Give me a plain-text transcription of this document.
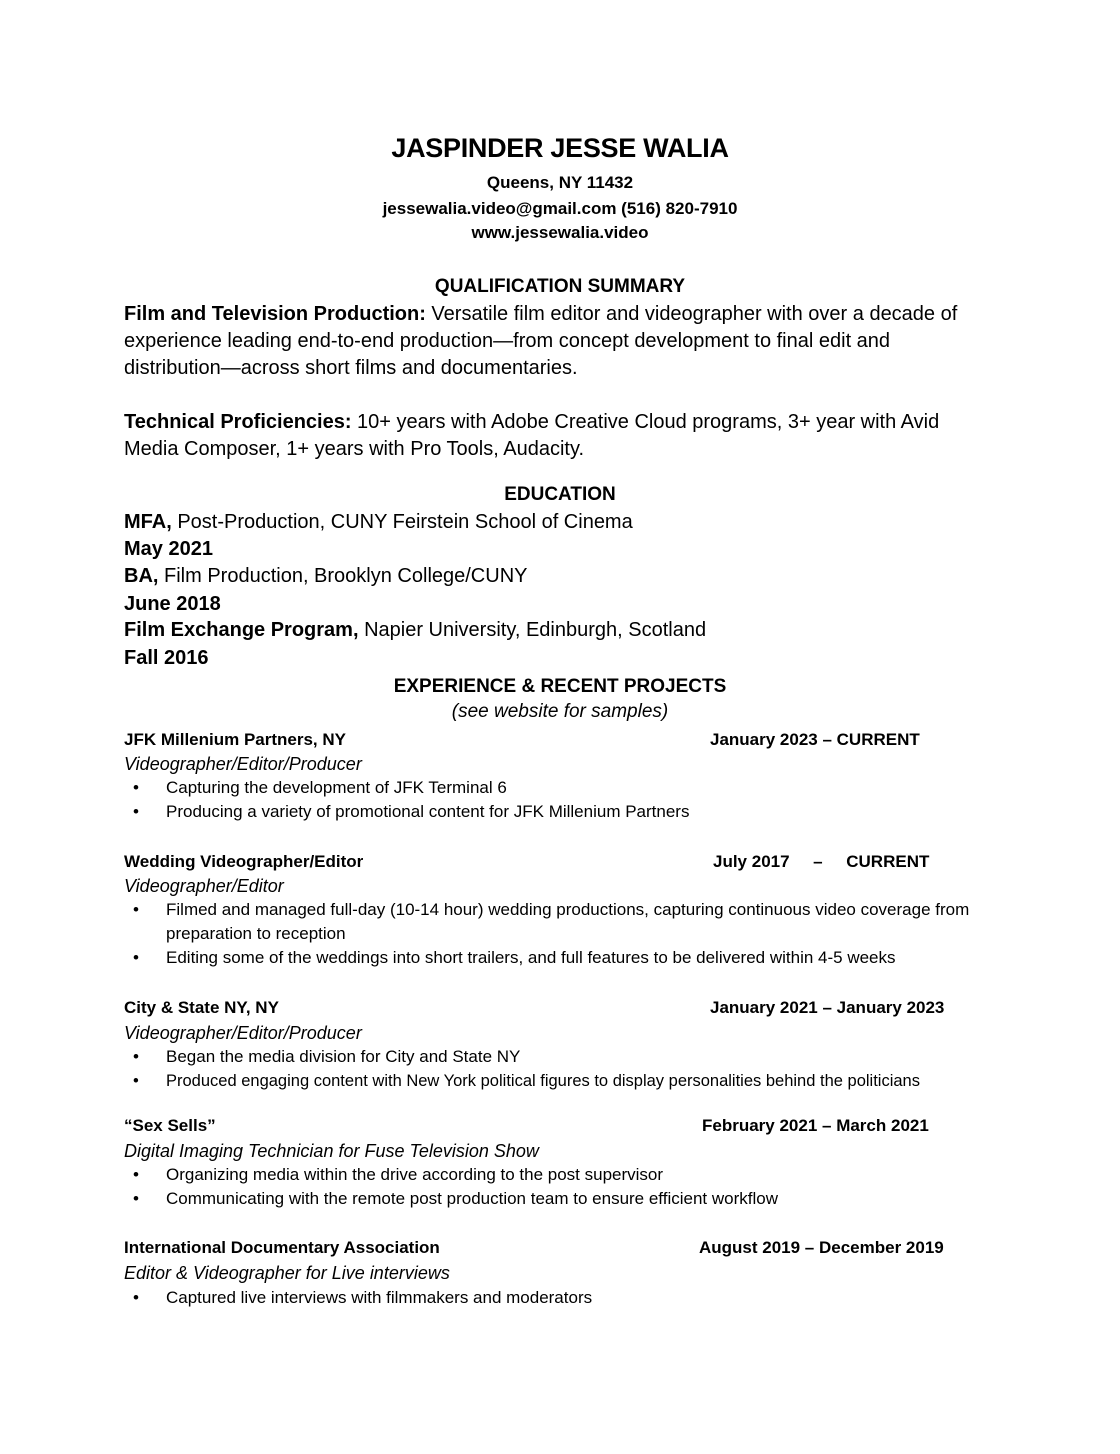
JASPINDER JESSE WALIA
Queens, NY 11432
jessewalia.video@gmail.com (516) 820-7910
www.jessewalia.video
QUALIFICATION SUMMARY
Film and Television Production: Versatile film editor and videographer with over a decade of experience leading end-to-end production—from concept development to final edit and distribution—across short films and documentaries.
Technical Proficiencies: 10+ years with Adobe Creative Cloud programs, 3+ year with Avid Media Composer, 1+ years with Pro Tools, Audacity.
EDUCATION
MFA, Post-Production, CUNY Feirstein School of Cinema
May 2021
BA, Film Production, Brooklyn College/CUNY
June 2018
Film Exchange Program, Napier University, Edinburgh, Scotland
Fall 2016
EXPERIENCE & RECENT PROJECTS
(see website for samples)
JFK Millenium Partners, NY	January 2023 – CURRENT
Videographer/Editor/Producer
• Capturing the development of JFK Terminal 6
• Producing a variety of promotional content for JFK Millenium Partners
Wedding Videographer/Editor	July 2017     –     CURRENT
Videographer/Editor
• Filmed and managed full-day (10-14 hour) wedding productions, capturing continuous video coverage from preparation to reception
• Editing some of the weddings into short trailers, and full features to be delivered within 4-5 weeks
City & State NY, NY	January 2021 – January 2023
Videographer/Editor/Producer
• Began the media division for City and State NY
• Produced engaging content with New York political figures to display personalities behind the politicians
“Sex Sells”	February 2021 – March 2021
Digital Imaging Technician for Fuse Television Show
• Organizing media within the drive according to the post supervisor
• Communicating with the remote post production team to ensure efficient workflow
International Documentary Association	August 2019 – December 2019
Editor & Videographer for Live interviews
• Captured live interviews with filmmakers and moderators
